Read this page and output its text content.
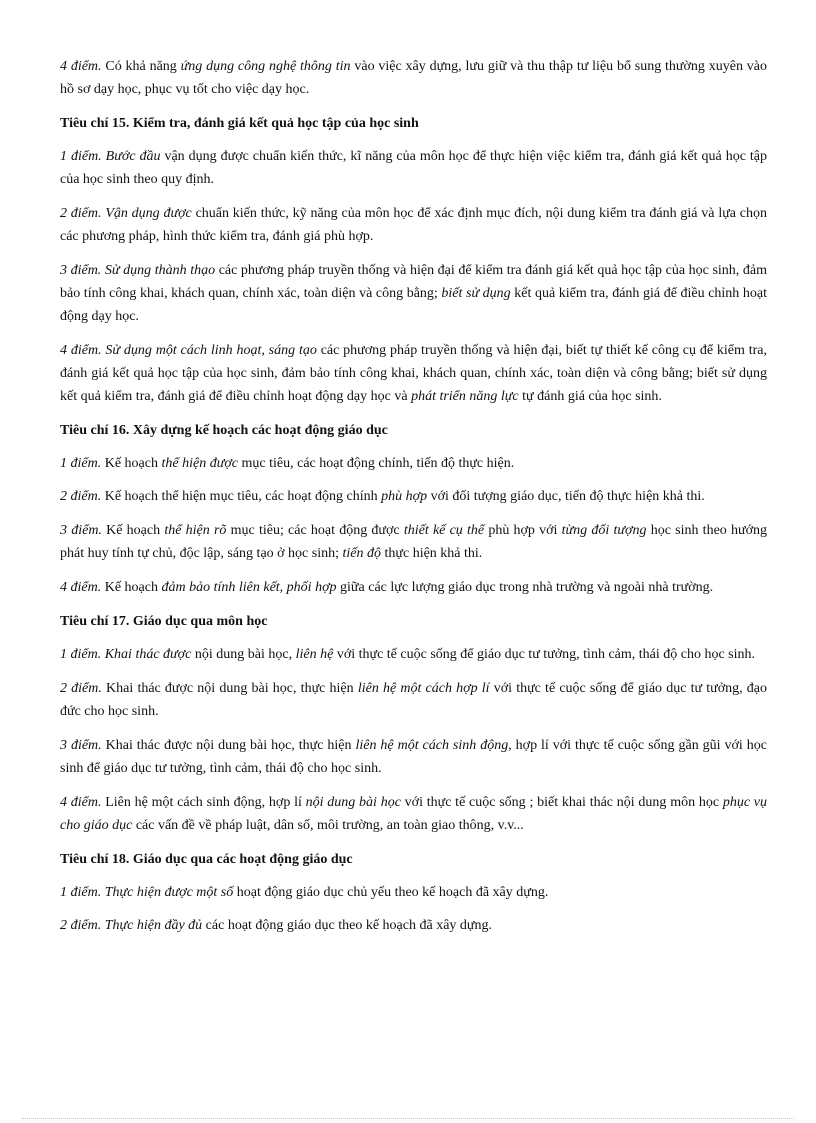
4 điểm. Có khả năng ứng dụng công nghệ thông tin vào việc xây dựng, lưu giữ và thu thập tư liệu bổ sung thường xuyên vào hồ sơ dạy học, phục vụ tốt cho việc dạy học.

Tiêu chí 15. Kiểm tra, đánh giá kết quả học tập của học sinh

1 điểm. Bước đầu vận dụng được chuẩn kiến thức, kĩ năng của môn học để thực hiện việc kiểm tra, đánh giá kết quả học tập của học sinh theo quy định.

2 điểm. Vận dụng được chuẩn kiến thức, kỹ năng của môn học để xác định mục đích, nội dung kiểm tra đánh giá và lựa chọn các phương pháp, hình thức kiểm tra, đánh giá phù hợp.

3 điểm. Sử dụng thành thạo các phương pháp truyền thống và hiện đại để kiểm tra đánh giá kết quả học tập của học sinh, đảm bảo tính công khai, khách quan, chính xác, toàn diện và công bằng; biết sử dụng kết quả kiểm tra, đánh giá để điều chỉnh hoạt động dạy học.

4 điểm. Sử dụng một cách linh hoạt, sáng tạo các phương pháp truyền thống và hiện đại, biết tự thiết kế công cụ để kiểm tra, đánh giá kết quả học tập của học sinh, đảm bảo tính công khai, khách quan, chính xác, toàn diện và công bằng; biết sử dụng kết quả kiểm tra, đánh giá để điều chỉnh hoạt động dạy học và phát triển năng lực tự đánh giá của học sinh.

Tiêu chí 16. Xây dựng kế hoạch các hoạt động giáo dục

1 điểm. Kế hoạch thể hiện được mục tiêu, các hoạt động chính, tiến độ thực hiện.

2 điểm. Kế hoạch thể hiện mục tiêu, các hoạt động chính phù hợp với đối tượng giáo dục, tiến độ thực hiện khả thi.

3 điểm. Kế hoạch thể hiện rõ mục tiêu; các hoạt động được thiết kế cụ thể phù hợp với từng đối tượng học sinh theo hướng phát huy tính tự chủ, độc lập, sáng tạo ở học sinh; tiến độ thực hiện khả thi.

4 điểm. Kế hoạch đảm bảo tính liên kết, phối hợp giữa các lực lượng giáo dục trong nhà trường và ngoài nhà trường.

Tiêu chí 17. Giáo dục qua môn học

1 điểm. Khai thác được nội dung bài học, liên hệ với thực tế cuộc sống để giáo dục tư tưởng, tình cảm, thái độ cho học sinh.

2 điểm. Khai thác được nội dung bài học, thực hiện liên hệ một cách hợp lí với thực tế cuộc sống để giáo dục tư tưởng, đạo đức cho học sinh.

3 điểm. Khai thác được nội dung bài học, thực hiện liên hệ một cách sinh động, hợp lí với thực tế cuộc sống gần gũi với học sinh để giáo dục tư tưởng, tình cảm, thái độ cho học sinh.

4 điểm. Liên hệ một cách sinh động, hợp lí nội dung bài học với thực tế cuộc sống ; biết khai thác nội dung môn học phục vụ cho giáo dục các vấn đề về pháp luật, dân số, môi trường, an toàn giao thông, v.v...

Tiêu chí 18. Giáo dục qua các hoạt động giáo dục

1 điểm. Thực hiện được một số hoạt động giáo dục chủ yếu theo kế hoạch đã xây dựng.

2 điểm. Thực hiện đầy đủ các hoạt động giáo dục theo kế hoạch đã xây dựng.
